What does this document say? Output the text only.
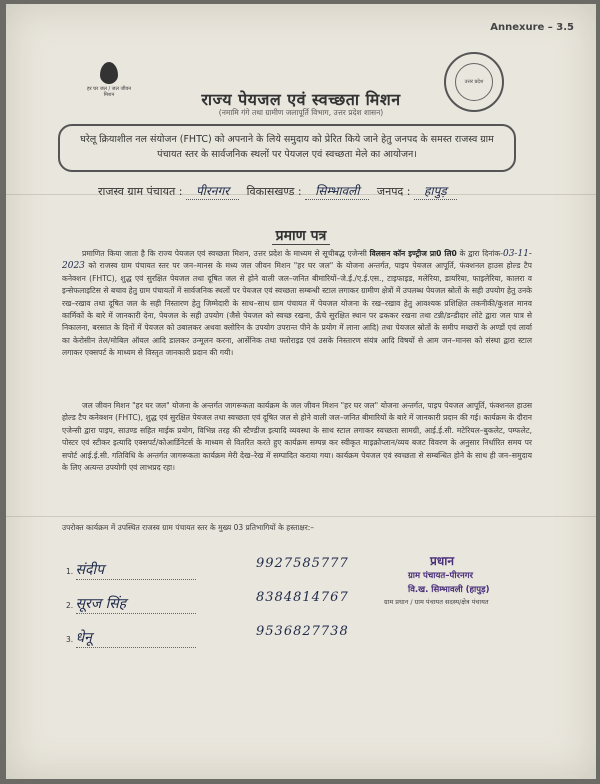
Annexure – 3.5
हर घर जल / जल जीवन मिशन
उत्तर प्रदेश
राज्य पेयजल एवं स्वच्छता मिशन
(नमामि गंगे तथा ग्रामीण जलापूर्ति विभाग, उत्तर प्रदेश शासन)
घरेलू क्रियाशील नल संयोजन (FHTC) को अपनाने के लिये समुदाय को प्रेरित किये जाने हेतु जनपद के समस्त राजस्व ग्राम पंचायत स्तर के सार्वजनिक स्थलों पर पेयजल एवं स्वच्छता मेले का आयोजन।
राजस्व ग्राम पंचायत : पीरनगर विकासखण्ड : सिम्भावली जनपद : हापुड़
प्रमाण पत्र
प्रमाणित किया जाता है कि राज्य पेयजल एवं स्वच्छता मिशन, उत्तर प्रदेश के माध्यम से सूचीबद्ध एजेन्सी विलसन कॉन इण्ट्रीज प्रा0 लि0 के द्वारा दिनांक-03-11-2023 को राजस्व ग्राम पंचायत स्तर पर जन–मानस के मध्य जल जीवन मिशन "हर घर जल" के योजना अन्तर्गत, पाइप पेयजल आपूर्ति, फंक्शनल हाउस होल्ड टैप कनेक्शन (FHTC), शुद्ध एवं सुरक्षित पेयजल तथा दूषित जल से होने वाली जल–जनित बीमारियों–जे.ई./ए.ई.एस., टाइफाइड, मलेरिया, डायरिया, फाइलेरिया, कालरा व इन्सेफलाइटिस से बचाव हेतु ग्राम पंचायतों में सार्वजनिक स्थलों पर पेयजल एवं स्वच्छता सम्बन्धी स्टाल लगाकर ग्रामीण क्षेत्रों में उपलब्ध पेयजल स्रोतों के सही उपयोग हेतु उनके रख–रखाव तथा दूषित जल के सही निस्तारण हेतु जिम्मेदारी के साथ–साथ ग्राम पंचायत में पेयजल योजना के रख–रखाव हेतु आवश्यक प्रशिक्षित तकनीकी/कुशल मानव कार्मिकों के बारे में जानकारी देना, पेयजल के सही उपयोग (जैसे पेयजल को स्वच्छ रखना, ऊँचे सुरक्षित स्थान पर ढककर रखना तथा टन्नी/डन्डीदार लोटे द्वारा जल पात्र से निकालना, बरसात के दिनों में पेयजल को उबालकर अथवा क्लोरिन के उपयोग उपरान्त पीने के प्रयोग में लाना आदि) तथा पेयजल स्रोतों के समीप मच्छरों के अण्डों एवं लार्वा का केरोसीन तेल/मोबिल ऑयल आदि डालकर उन्मूलन करना, आर्सेनिक तथा फ्लोराइड एवं उसके निस्तारण संयंत्र आदि विषयों से आम जन–मानस को संस्था द्वारा स्टाल लगाकर एक्सपर्ट के माध्यम से विस्तृत जानकारी प्रदान की गयी।
जल जीवन मिशन "हर घर जल" योजना के अन्तर्गत जागरूकता कार्यक्रम के जल जीवन मिशन "हर घर जल" योजना अन्तर्गत, पाइप पेयजल आपूर्ति, फंक्शनल हाउस होल्ड टैप कनेक्शन (FHTC), शुद्ध एवं सुरक्षित पेयजल तथा स्वच्छता एवं दूषित जल से होने वाली जल–जनित बीमारियों के बारे में जानकारी प्रदान की गई। कार्यक्रम के दौरान एजेन्सी द्वारा पाइप, साउण्ड सहित माईक प्रयोग, विभिन्न तरह की स्टैण्डीज इत्यादि व्यवस्था के साथ स्टाल लगाकर स्वच्छता सामग्री, आई.ई.सी. मटेरियल–बुकलेट, पम्फलेट, पोस्टर एवं स्टीकर इत्यादि एक्सपर्ट/कोआर्डिनेटर्स के माध्यम से वितरित करते हुए कार्यक्रम सम्पन्न कर स्वीकृत माइक्रोप्लान/व्यय बजट विवरण के अनुसार निर्धारित समय पर सपोर्ट आई.ई.सी. गतिविधि के अन्तर्गत जागरूकता कार्यक्रम मेरी देख–रेख में सम्पादित कराया गया। कार्यक्रम पेयजल एवं स्वच्छता से सम्बन्धित होने के साथ ही जन–समुदाय के लिए अत्यन्त उपयोगी एवं लाभप्रद रहा।
उपरोक्त कार्यक्रम में उपस्थित राजस्व ग्राम पंचायत स्तर के मुख्य 03 प्रतिभागियों के हस्ताक्षर:–
1. संदीप	9927585777
2. सूरज सिंह	8384814767
3. धेनू	9536827738
प्रधान
ग्राम पंचायत–पीरनगर
वि.ख. सिम्भावली (हापुड़)
ग्राम प्रधान / ग्राम पंचायत सदस्य/क्षेत्र पंचायत
